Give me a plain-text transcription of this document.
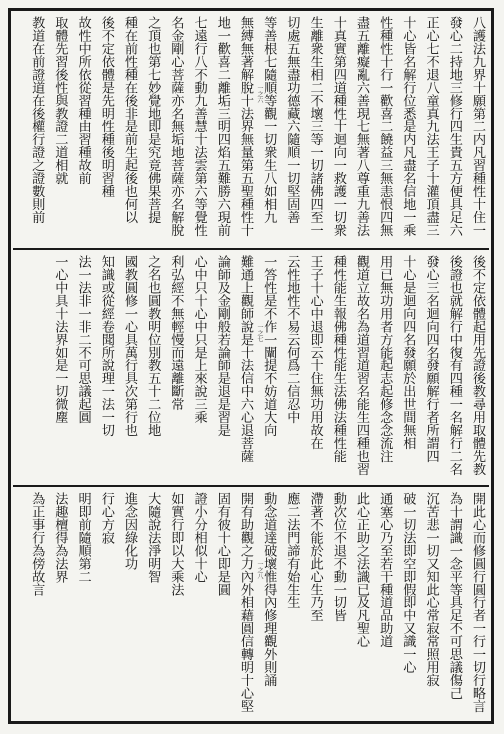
八護法九界十願第二内凡習種性十住一
發心二持地三修行四生貴五方便具足六
正心七不退八童真九法王子十灌頂盡三
十心皆名解行位悉是内凡盡名信地一乘
性種性十行一歡喜二饒益三無恚恨四無
盡五離癡亂六善現七無著八尊重九善法
十真實第四道種性十迴向一救護一切衆
生離衆生相二不壞三等一切諸佛四至一
切處五無盡功德藏六隨順一切堅固善
等善根七隨順等觀一切衆生八如相九
無縛無著解脫十法界無量第五聖種性十
地一歡喜二離垢三明四焰五難勝六現前
七遠行八不動九善慧十法雲第六等覺性
名金剛心菩薩亦名無垢地菩薩亦名解脫
之頂也第七妙覺地即是究竟佛果菩提
種在前性種在後非是前生起後也何以
後不定依體是先明性種後明習種
故性中所依從習種由習種故前
取體先習後性與教證二道相就
教道在前證道在後權行證之證數則前	一之六
後不定依體起用先證後教尋用取體先教
後證也就解行中復有四種一名解行二名
發心三名迴向四名發願解行者所謂四
十心是迴向四名發願於出世間無相
用已無功用者方能起志起修念念流注
觀道立故名為道習道習名能生四種也習
種性能生報佛種性能生法佛法種性能
王子十心中退即云十住無功用故在
云性地性不易云何爲二信忍中
一答性是不作一闡提不妨道大向
難通上觀師說是十法信中六心退菩薩
論師及金剛般若論師是退是習是
心中只十心中只是上來說三乘
利弘經不無輕慢而遠離斷常
之名也圓教明位別教五十二位地
國教圓修一心具萬行具次第行也
知識或從經卷聞所說理一法一切
法一法非一非二不可思議起圓
一心中具十法界如是一切微塵	一之七
開此心而修圓行圓行者一行一切行略言
為十謂識一念平等具足不可思議傷己
沉苦悲一切又知此心常寂常照用寂
破一切法即空即假即中又識一心
通塞心乃至若干種道品助道
此心正助之法識已及凡聖心
動次位不退不動一切皆
滯著不能於此心生乃至
應二法門諦有始生生
動念道達破壞惟得內修理觀外則誦
開有助觀之力內外相藉圓信轉明十心堅
固有彼十心即是圓
證小分相似十心
如實行即以大乘法
大隨說法淨明智
進念因綠化功
行心方寂
明即前隨順第二
法趣檀得為法界
為正事行為傍故言	一之八
